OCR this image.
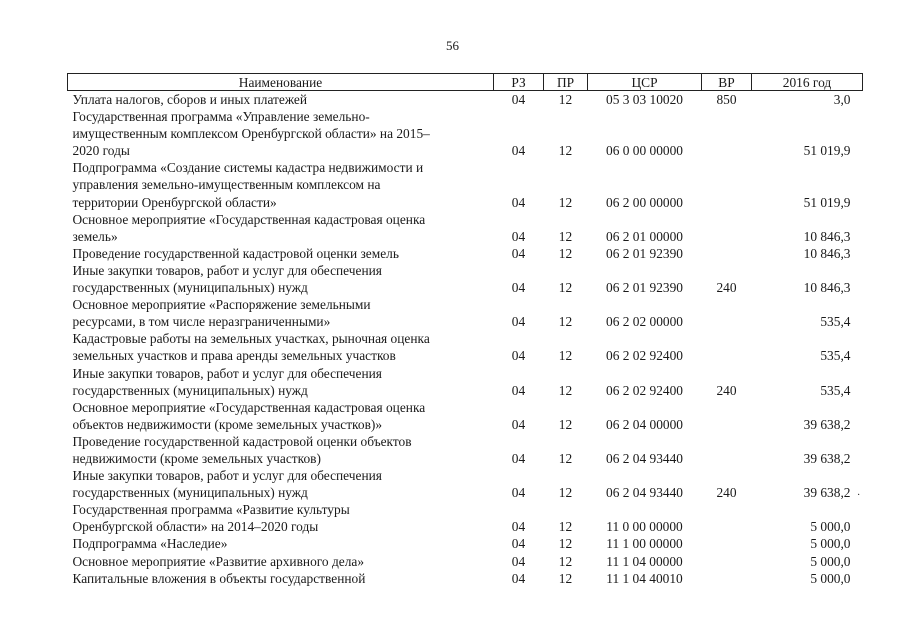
56
Наименование	РЗ	ПР	ЦСР	ВР	2016 год

Уплата налогов, сборов и иных платежей	04	12	05 3 03 10020	850	3,0

Государственная программа «Управление земельно-
имущественным комплексом Оренбургской области» на 2015–
2020 годы	04	12	06 0 00 00000		51 019,9

Подпрограмма «Создание системы кадастра недвижимости и
управления земельно-имущественным комплексом на
территории Оренбургской области»	04	12	06 2 00 00000		51 019,9

Основное мероприятие «Государственная кадастровая оценка
земель»	04	12	06 2 01 00000		10 846,3

Проведение государственной кадастровой оценки земель	04	12	06 2 01 92390		10 846,3

Иные закупки товаров, работ и услуг для обеспечения
государственных (муниципальных) нужд	04	12	06 2 01 92390	240	10 846,3

Основное мероприятие «Распоряжение земельными
ресурсами, в том числе неразграниченными»	04	12	06 2 02 00000		535,4

Кадастровые работы на земельных участках, рыночная оценка
земельных участков и права аренды земельных участков	04	12	06 2 02 92400		535,4

Иные закупки товаров, работ и услуг для обеспечения
государственных (муниципальных) нужд	04	12	06 2 02 92400	240	535,4

Основное мероприятие «Государственная кадастровая оценка
объектов недвижимости (кроме земельных участков)»	04	12	06 2 04 00000		39 638,2

Проведение государственной кадастровой оценки объектов
недвижимости (кроме земельных участков)	04	12	06 2 04 93440		39 638,2

Иные закупки товаров, работ и услуг для обеспечения
государственных (муниципальных) нужд	04	12	06 2 04 93440	240	39 638,2

Государственная программа «Развитие культуры
Оренбургской области» на 2014–2020 годы	04	12	11 0 00 00000		5 000,0

Подпрограмма «Наследие»	04	12	11 1 00 00000		5 000,0

Основное мероприятие «Развитие архивного дела»	04	12	11 1 04 00000		5 000,0

Капитальные вложения в объекты государственной	04	12	11 1 04 40010		5 000,0
·
